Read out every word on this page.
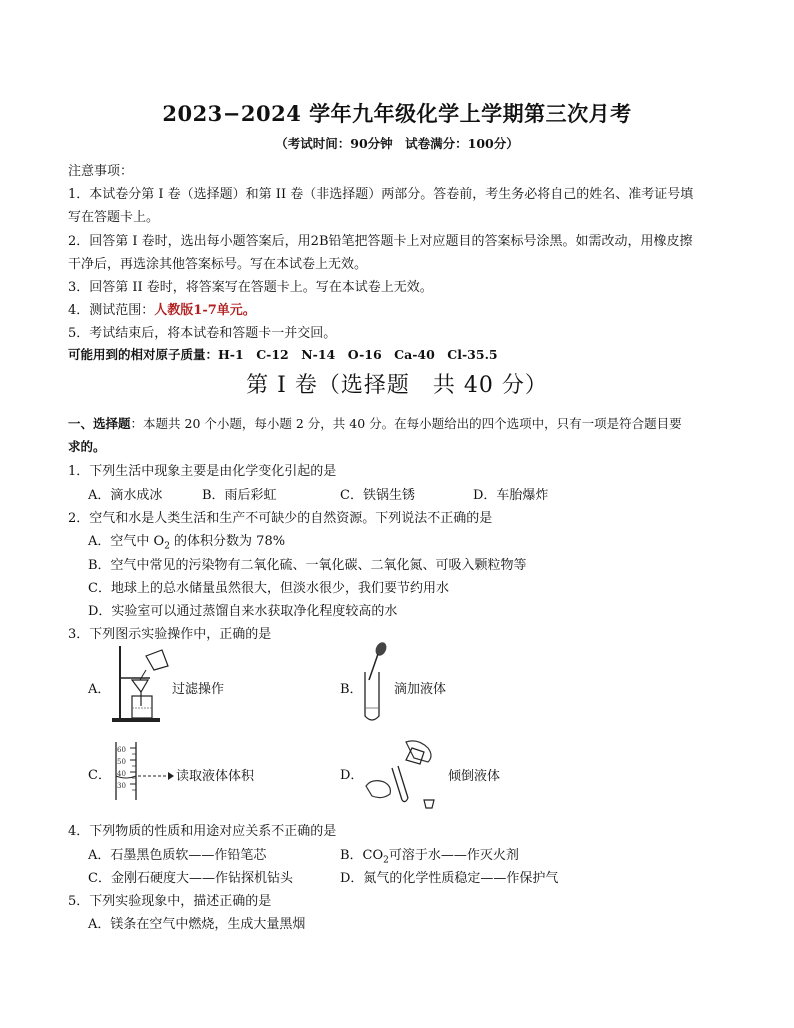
2023−2024 学年九年级化学上学期第三次月考
（考试时间：90分钟　试卷满分：100分）
注意事项：
1．本试卷分第 I 卷（选择题）和第 II 卷（非选择题）两部分。答卷前，考生务必将自己的姓名、准考证号填
写在答题卡上。
2．回答第 I 卷时，选出每小题答案后，用2B铅笔把答题卡上对应题目的答案标号涂黑。如需改动，用橡皮擦
干净后，再选涂其他答案标号。写在本试卷上无效。
3．回答第 II 卷时，将答案写在答题卡上。写在本试卷上无效。
4．测试范围：人教版1-7单元。
5．考试结束后，将本试卷和答题卡一并交回。
可能用到的相对原子质量：H-1　C-12　N-14　O-16　Ca-40　Cl-35.5
第 I 卷（选择题　共 40 分）
一、选择题：本题共 20 个小题，每小题 2 分，共 40 分。在每小题给出的四个选项中，只有一项是符合题目要
求的。
1．下列生活中现象主要是由化学变化引起的是
A．滴水成冰	B．雨后彩虹	C．铁锅生锈	D．车胎爆炸
2．空气和水是人类生活和生产不可缺少的自然资源。下列说法不正确的是
A．空气中 $O_2$ 的体积分数为 78%
B．空气中常见的污染物有二氧化硫、一氧化碳、二氧化氮、可吸入颗粒物等
C．地球上的总水储量虽然很大，但淡水很少，我们要节约用水
D．实验室可以通过蒸馏自来水获取净化程度较高的水
3．下列图示实验操作中，正确的是
A．	过滤操作	B． 滴加液体
C．
60
50
40
30
读取液体体积	D．	倾倒液体
4．下列物质的性质和用途对应关系不正确的是
A．石墨黑色质软——作铅笔芯	B．$CO_2$可溶于水——作灭火剂
C．金刚石硬度大——作钻探机钻头	D．氮气的化学性质稳定——作保护气
5．下列实验现象中，描述正确的是
A．镁条在空气中燃烧，生成大量黑烟
